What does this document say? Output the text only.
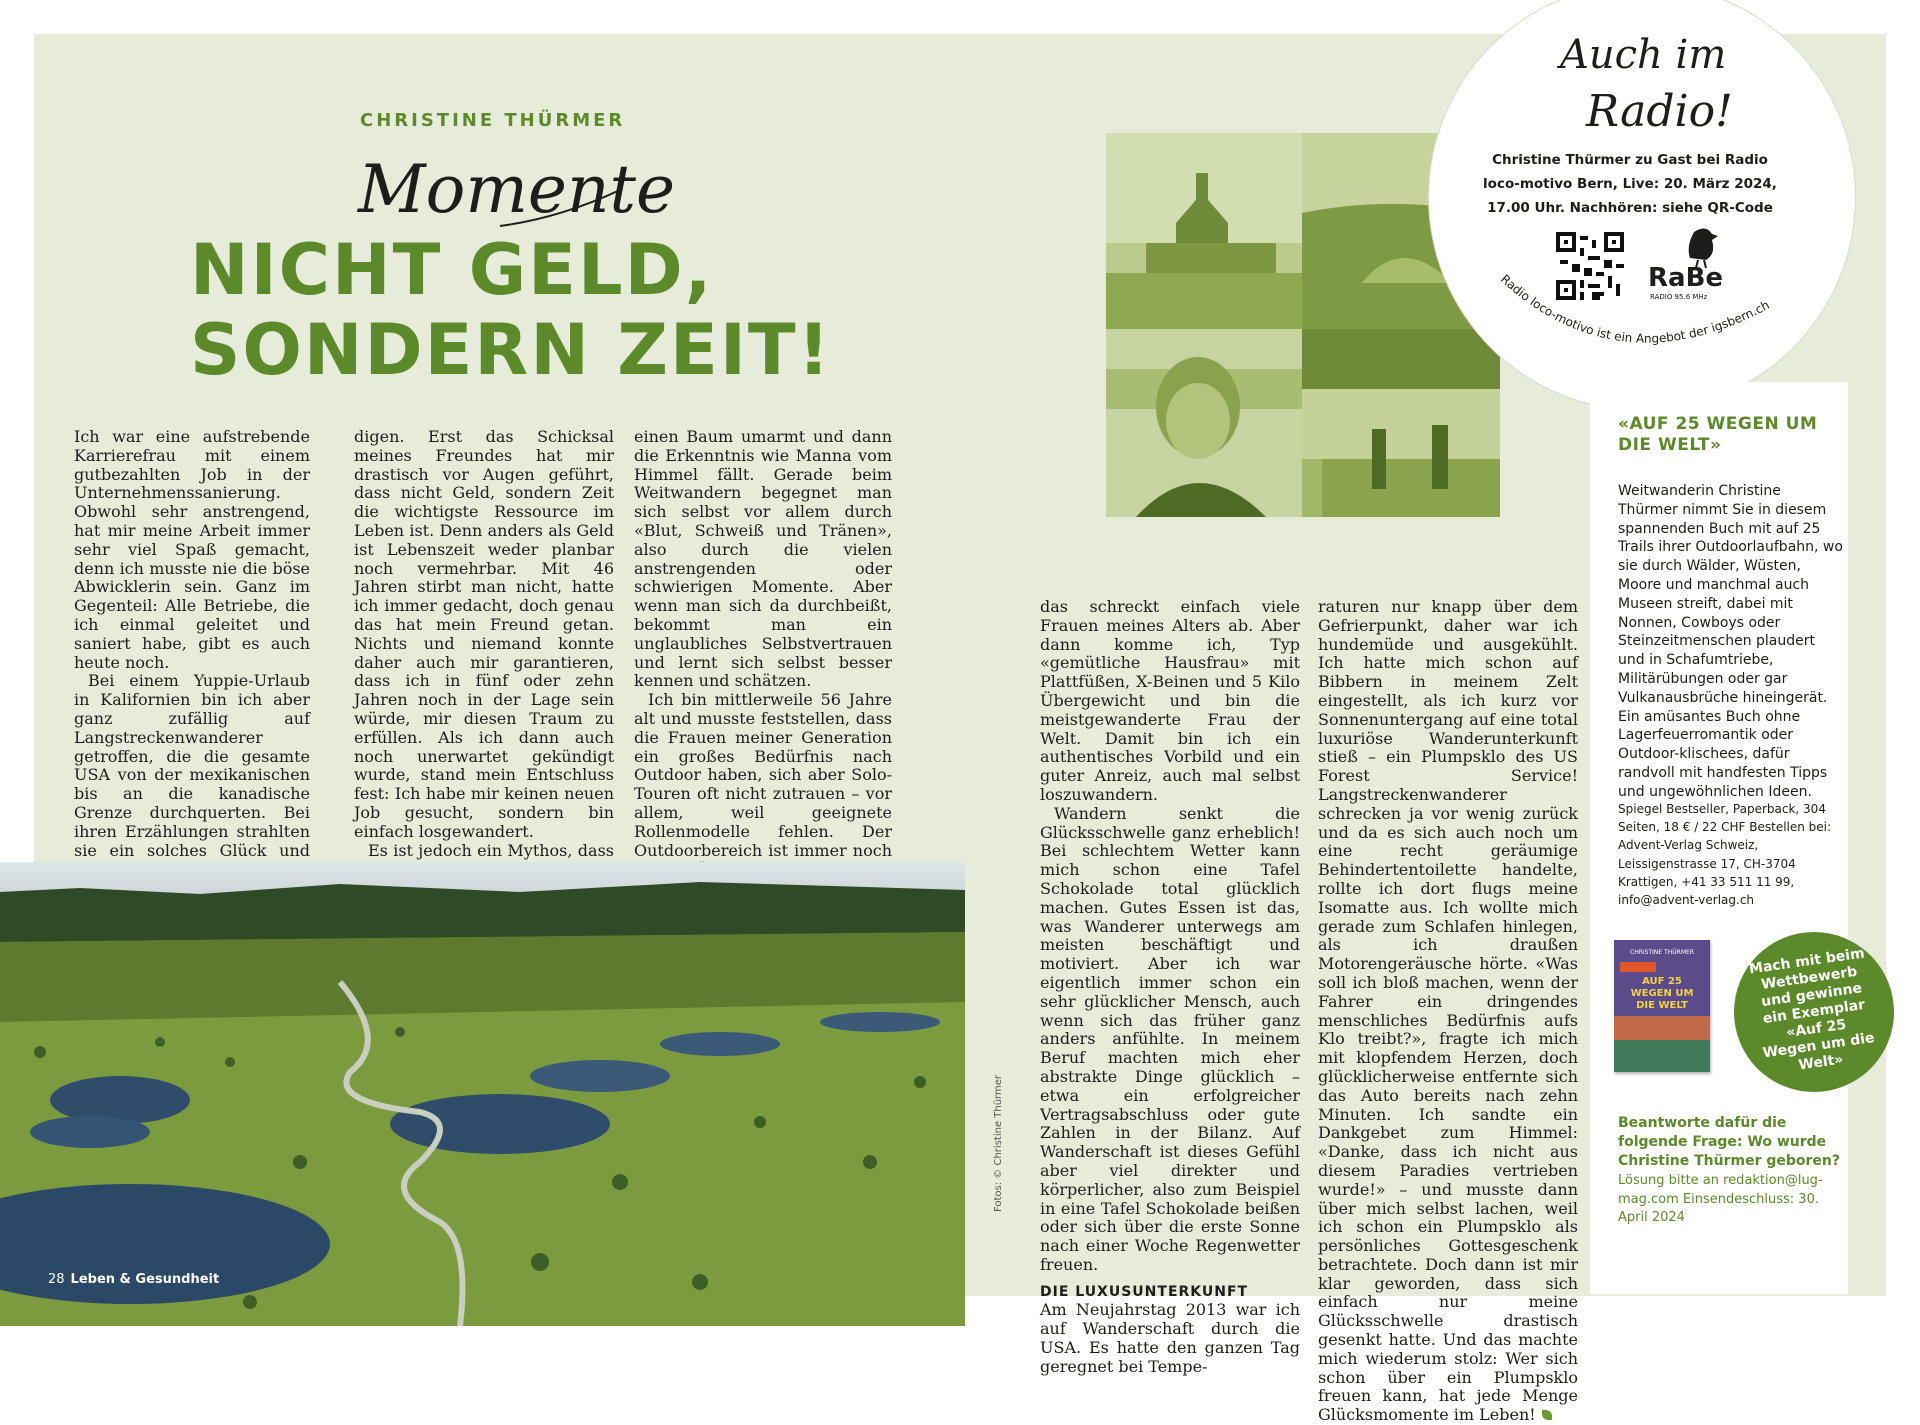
CHRISTINE THÜRMER
Momente
NICHT GELD,
SONDERN ZEIT!

Ich war eine aufstrebende Karrierefrau mit einem gutbezahlten Job in der Unternehmenssanierung. Obwohl sehr anstrengend, hat mir meine Arbeit immer sehr viel Spaß gemacht, denn ich musste nie die böse Abwicklerin sein. Ganz im Gegenteil: Alle Betriebe, die ich einmal geleitet und saniert habe, gibt es auch heute noch.

Bei einem Yuppie-Urlaub in Kalifornien bin ich aber ganz zufällig auf Langstreckenwanderer getroffen, die die gesamte USA von der mexikanischen bis an die kanadische Grenze durchquerten. Bei ihren Erzählungen strahlten sie ein solches Glück und

digen. Erst das Schicksal meines Freundes hat mir drastisch vor Augen geführt, dass nicht Geld, sondern Zeit die wichtigste Ressource im Leben ist. Denn anders als Geld ist Lebenszeit weder planbar noch vermehrbar. Mit 46 Jahren stirbt man nicht, hatte ich immer gedacht, doch genau das hat mein Freund getan. Nichts und niemand konnte daher auch mir garantieren, dass ich in fünf oder zehn Jahren noch in der Lage sein würde, mir diesen Traum zu erfüllen. Als ich dann auch noch unerwartet gekündigt wurde, stand mein Entschluss fest: Ich habe mir keinen neuen Job gesucht, sondern bin einfach losgewandert.

Es ist jedoch ein Mythos, dass

einen Baum umarmt und dann die Erkenntnis wie Manna vom Himmel fällt. Gerade beim Weitwandern begegnet man sich selbst vor allem durch «Blut, Schweiß und Tränen», also durch die vielen anstrengenden oder schwierigen Momente. Aber wenn man sich da durchbeißt, bekommt man ein unglaubliches Selbstvertrauen und lernt sich selbst besser kennen und schätzen.

Ich bin mittlerweile 56 Jahre alt und musste feststellen, dass die Frauen meiner Generation ein großes Bedürfnis nach Outdoor haben, sich aber Solo-Touren oft nicht zutrauen – vor allem, weil geeignete Rollenmodelle fehlen. Der Outdoorbereich ist immer noch

das schreckt einfach viele Frauen meines Alters ab. Aber dann komme ich, Typ «gemütliche Hausfrau» mit Plattfüßen, X-Beinen und 5 Kilo Übergewicht und bin die meistgewanderte Frau der Welt. Damit bin ich ein authentisches Vorbild und ein guter Anreiz, auch mal selbst loszuwandern.

Wandern senkt die Glücksschwelle ganz erheblich! Bei schlechtem Wetter kann mich schon eine Tafel Schokolade total glücklich machen. Gutes Essen ist das, was Wanderer unterwegs am meisten beschäftigt und motiviert. Aber ich war eigentlich immer schon ein sehr glücklicher Mensch, auch wenn sich das früher ganz anders anfühlte. In meinem Beruf machten mich eher abstrakte Dinge glücklich – etwa ein erfolgreicher Vertragsabschluss oder gute Zahlen in der Bilanz. Auf Wanderschaft ist dieses Gefühl aber viel direkter und körperlicher, also zum Beispiel in eine Tafel Schokolade beißen oder sich über die erste Sonne nach einer Woche Regenwetter freuen.

DIE LUXUSUNTERKUNFT

Am Neujahrstag 2013 war ich auf Wanderschaft durch die USA. Es hatte den ganzen Tag geregnet bei Tempe-

raturen nur knapp über dem Gefrierpunkt, daher war ich hundemüde und ausgekühlt. Ich hatte mich schon auf Bibbern in meinem Zelt eingestellt, als ich kurz vor Sonnenuntergang auf eine total luxuriöse Wanderunterkunft stieß – ein Plumpsklo des US Forest Service! Langstreckenwanderer schrecken ja vor wenig zurück und da es sich auch noch um eine recht geräumige Behindertentoilette handelte, rollte ich dort flugs meine Isomatte aus. Ich wollte mich gerade zum Schlafen hinlegen, als ich draußen Motorengeräusche hörte. «Was soll ich bloß machen, wenn der Fahrer ein dringendes menschliches Bedürfnis aufs Klo treibt?», fragte ich mich mit klopfendem Herzen, doch glücklicherweise entfernte sich das Auto bereits nach zehn Minuten. Ich sandte ein Dankgebet zum Himmel: «Danke, dass ich nicht aus diesem Paradies vertrieben wurde!» – und musste dann über mich selbst lachen, weil ich schon ein Plumpsklo als persönliches Gottesgeschenk betrachtete. Doch dann ist mir klar geworden, dass sich einfach nur meine Glücksschwelle drastisch gesenkt hatte. Und das machte mich wiederum stolz: Wer sich schon über ein Plumpsklo freuen kann, hat jede Menge Glücksmomente im Leben!

Auch im
Radio!
Christine Thürmer zu Gast bei Radio loco-motivo Bern, Live: 20. März 2024, 17.00 Uhr. Nachhören: siehe QR-Code
RaBe
RADIO 95.6 MHz
Radio loco-motivo ist ein Angebot der igsbern.ch
«AUF 25 WEGEN UM DIE WELT»
Weitwanderin Christine Thürmer nimmt Sie in diesem spannenden Buch mit auf 25 Trails ihrer Outdoorlaufbahn, wo sie durch Wälder, Wüsten, Moore und manchmal auch Museen streift, dabei mit Nonnen, Cowboys oder Steinzeitmenschen plaudert und in Schafumtriebe, Militärübungen oder gar Vulkanausbrüche hineingerät. Ein amüsantes Buch ohne Lagerfeuerromantik oder Outdoor-klischees, dafür randvoll mit handfesten Tipps und ungewöhnlichen Ideen.
Spiegel Bestseller, Paperback, 304 Seiten, 18 € / 22 CHF Bestellen bei: Advent-Verlag Schweiz, Leissigenstrasse 17, CH-3704 Krattigen, +41 33 511 11 99, info@advent-verlag.ch
CHRISTINE THÜRMER
AUF 25 WEGEN UM DIE WELT
Mach mit beim Wettbewerb und gewinne ein Exemplar «Auf 25 Wegen um die Welt»
Beantworte dafür die folgende Frage: Wo wurde Christine Thürmer geboren?
Lösung bitte an redaktion@lug-mag.com Einsendeschluss: 30. April 2024
28 Leben & Gesundheit
Fotos: © Christine Thürmer
